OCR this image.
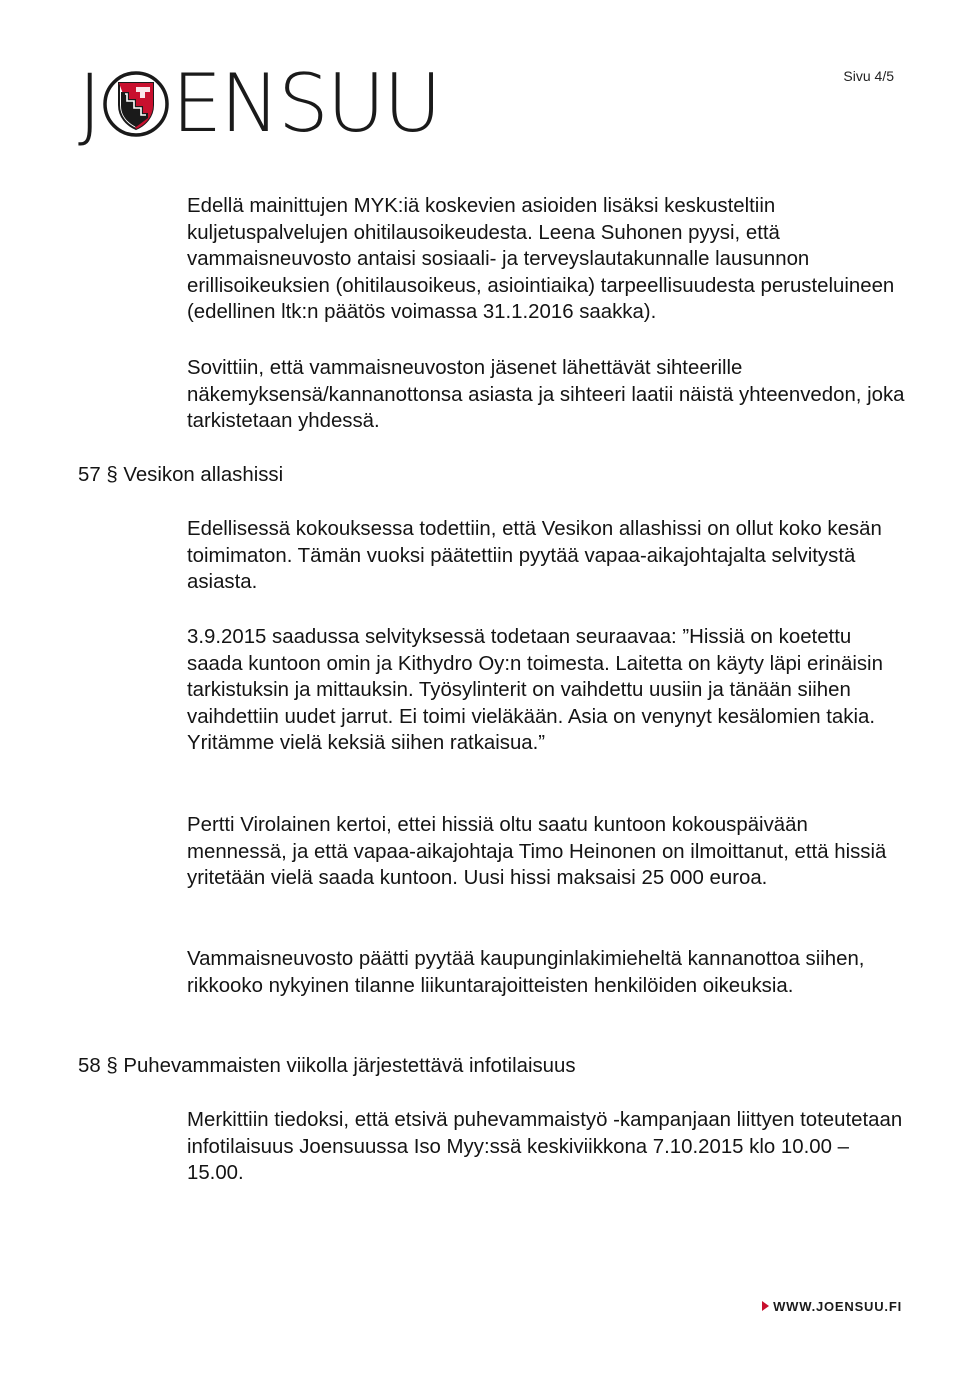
J ENSUU	Sivu 4/5

Edellä mainittujen MYK:iä koskevien asioiden lisäksi keskusteltiin kuljetuspalvelujen ohitilausoikeudesta. Leena Suhonen pyysi, että vammaisneuvosto antaisi sosiaali- ja terveyslautakunnalle lausunnon erillisoikeuksien (ohitilausoikeus, asiointiaika) tarpeellisuudesta perusteluineen (edellinen ltk:n päätös voimassa 31.1.2016 saakka).

Sovittiin, että vammaisneuvoston jäsenet lähettävät sihteerille näkemyksensä/kannanottonsa asiasta ja sihteeri laatii näistä yhteenvedon, joka tarkistetaan yhdessä.

57 § Vesikon allashissi

Edellisessä kokouksessa todettiin, että Vesikon allashissi on ollut koko kesän toimimaton. Tämän vuoksi päätettiin pyytää vapaa-aikajohtajalta selvitystä asiasta.

3.9.2015 saadussa selvityksessä todetaan seuraavaa: ”Hissiä on koetettu saada kuntoon omin ja Kithydro Oy:n toimesta. Laitetta on käyty läpi erinäisin tarkistuksin ja mittauksin. Työsylinterit on vaihdettu uusiin ja tänään siihen vaihdettiin uudet jarrut. Ei toimi vieläkään. Asia on venynyt kesälomien takia. Yritämme vielä keksiä siihen ratkaisua.”

Pertti Virolainen kertoi, ettei hissiä oltu saatu kuntoon kokouspäivään mennessä, ja että vapaa-aikajohtaja Timo Heinonen on ilmoittanut, että hissiä yritetään vielä saada kuntoon. Uusi hissi maksaisi 25 000 euroa.

Vammaisneuvosto päätti pyytää kaupunginlakimieheltä kannanottoa siihen, rikkooko nykyinen tilanne liikuntarajoitteisten henkilöiden oikeuksia.

58 § Puhevammaisten viikolla järjestettävä infotilaisuus

Merkittiin tiedoksi, että etsivä puhevammaistyö -kampanjaan liittyen toteutetaan infotilaisuus Joensuussa Iso Myy:ssä keskiviikkona 7.10.2015 klo 10.00 – 15.00.

WWW.JOENSUU.FI
